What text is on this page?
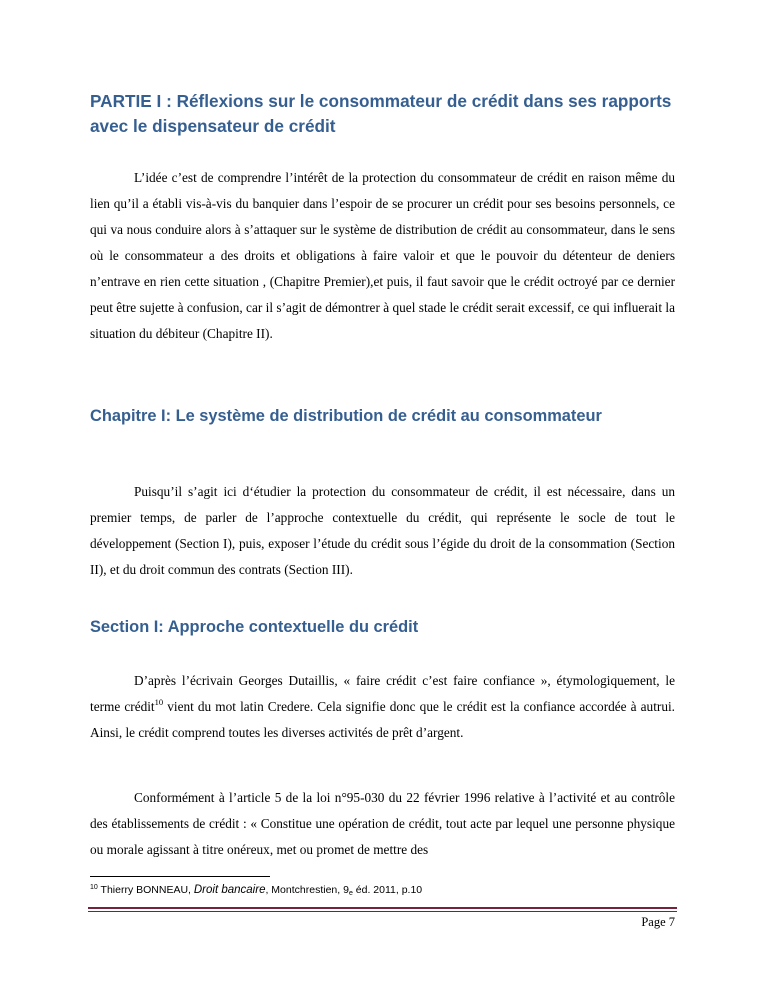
PARTIE I : Réflexions sur le consommateur de crédit dans ses rapports avec le dispensateur de crédit

L’idée c’est de comprendre l’intérêt de la protection du consommateur de crédit en raison même du lien qu’il a établi vis-à-vis du banquier dans l’espoir de se procurer un crédit pour ses besoins personnels, ce qui va nous conduire alors à s’attaquer sur le système de distribution de crédit au consommateur, dans le sens où le consommateur a des droits et obligations à faire valoir et que le pouvoir du détenteur de deniers n’entrave en rien cette situation , (Chapitre Premier),et puis, il faut savoir que le crédit octroyé par ce dernier peut être sujette à confusion, car il s’agit de démontrer à quel stade le crédit serait excessif, ce qui influerait la situation du débiteur (Chapitre II).

Chapitre I: Le système de distribution de crédit au consommateur

Puisqu’il s’agit ici d‘étudier la protection du consommateur de crédit, il est nécessaire, dans un premier temps, de parler de l’approche contextuelle du crédit, qui représente le socle de tout le développement (Section I), puis, exposer l’étude du crédit sous l’égide du droit de la consommation (Section II), et du droit commun des contrats (Section III).

Section I: Approche contextuelle du crédit

D’après l’écrivain Georges Dutaillis, « faire crédit c’est faire confiance », étymologiquement, le terme crédit$^{10}$ vient du mot latin Credere. Cela signifie donc que le crédit est la confiance accordée à autrui. Ainsi, le crédit comprend toutes les diverses activités de prêt d’argent.

Conformément à l’article 5 de la loi n°95-030 du 22 février 1996 relative à l’activité et au contrôle des établissements de crédit : « Constitue une opération de crédit, tout acte par lequel une personne physique ou morale agissant à titre onéreux, met ou promet de mettre des

$^{10}$ Thierry BONNEAU, Droit bancaire, Montchrestien, $9_e$ éd. 2011, p.10
Page 7
